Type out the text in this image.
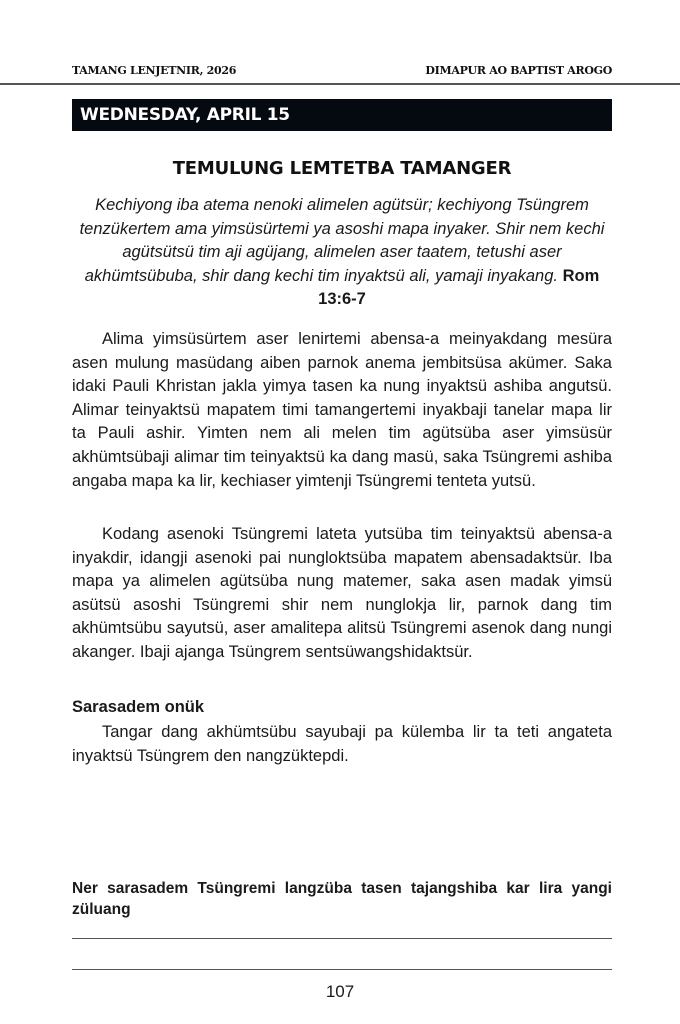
TAMANG LENJETNIR, 2026	DIMAPUR AO BAPTIST AROGO
WEDNESDAY, APRIL 15
TEMULUNG LEMTETBA TAMANGER
Kechiyong iba atema nenoki alimelen agütsür; kechiyong Tsüngrem tenzükertem ama yimsüsürtemi ya asoshi mapa inyaker. Shir nem kechi agütsütsü tim aji agüjang, alimelen aser taatem, tetushi aser akhümtsübuba, shir dang kechi tim inyaktsü ali, yamaji inyakang. Rom 13:6-7
Alima yimsüsürtem aser lenirtemi abensa-a meinyakdang mesüra asen mulung masüdang aiben parnok anema jembitsüsa akümer. Saka idaki Pauli Khristan jakla yimya tasen ka nung inyaktsü ashiba angutsü. Alimar teinyaktsü mapatem timi tamangertemi inyakbaji tanelar mapa lir ta Pauli ashir. Yimten nem ali melen tim agütsüba aser yimsüsür akhümtsübaji alimar tim teinyaktsü ka dang masü, saka Tsüngremi ashiba angaba mapa ka lir, kechiaser yimtenji Tsüngremi tenteta yutsü.
Kodang asenoki Tsüngremi lateta yutsüba tim teinyaktsü abensa-a inyakdir, idangji asenoki pai nungloktsüba mapatem abensadaktsür. Iba mapa ya alimelen agütsüba nung matemer, saka asen madak yimsü asütsü asoshi Tsüngremi shir nem nunglokja lir, parnok dang tim akhümtsübu sayutsü, aser amalitepa alitsü Tsüngremi asenok dang nungi akanger. Ibaji ajanga Tsüngrem sentsüwangshidaktsür.
Sarasadem onük
Tangar dang akhümtsübu sayubaji pa külemba lir ta teti angateta inyaktsü Tsüngrem den nangzüktepdi.
Ner sarasadem Tsüngremi langzüba tasen tajangshiba kar lira yangi züluang
107
